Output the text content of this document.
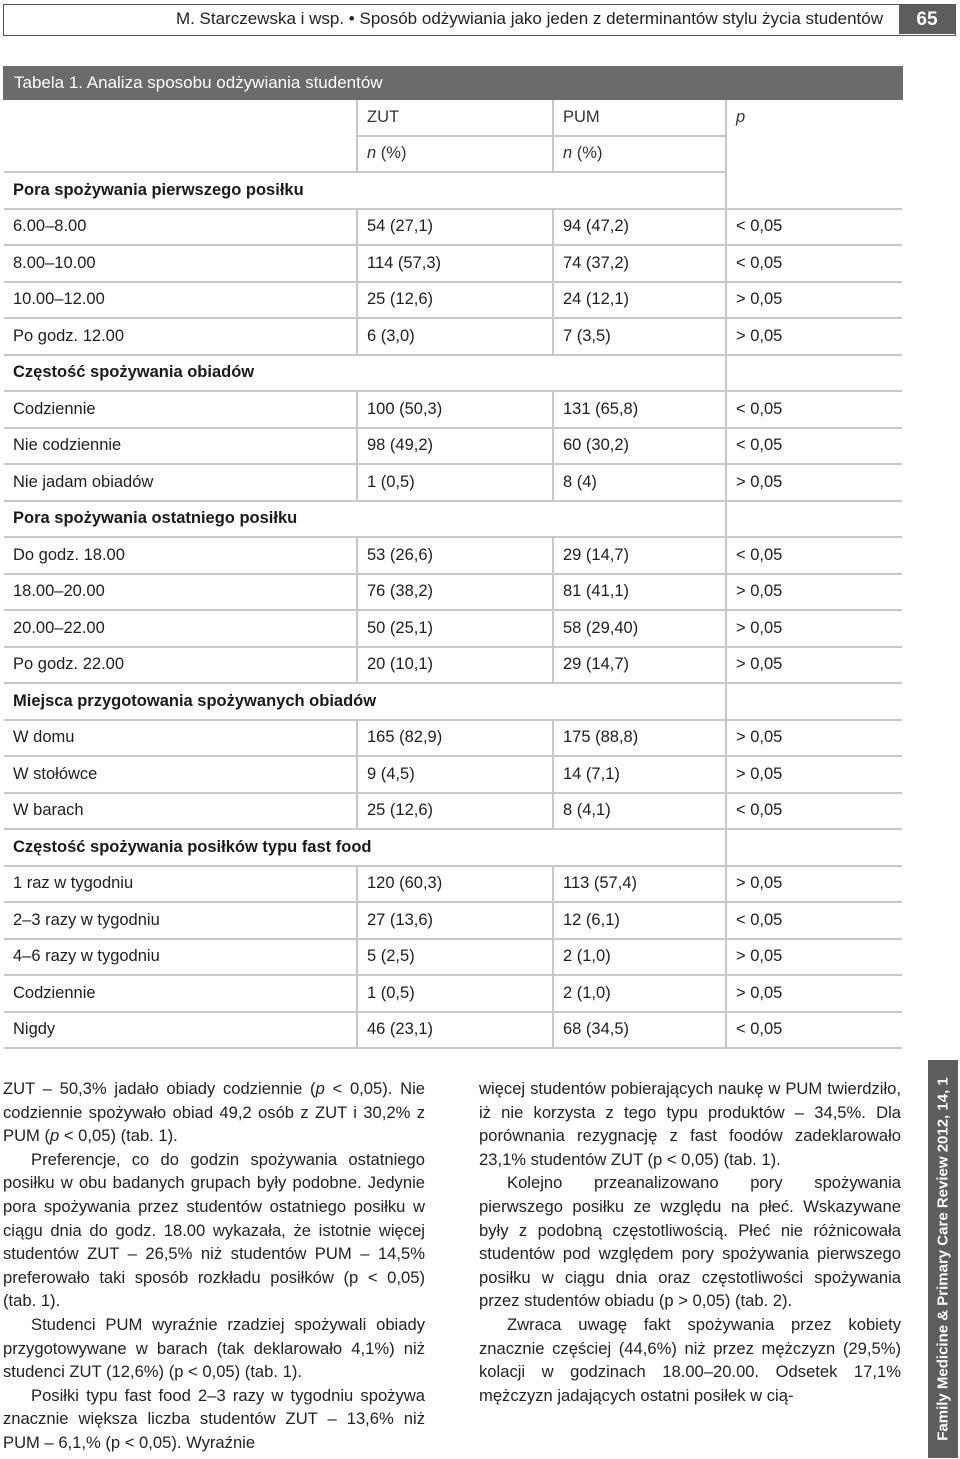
M. Starczewska i wsp. • Sposób odżywiania jako jeden z determinantów stylu życia studentów	65
Tabela 1. Analiza sposobu odżywiania studentów			
	ZUT	PUM	p
	n (%)	n (%)	
Pora spożywania pierwszego posiłku			
6.00–8.00	54 (27,1)	94 (47,2)	< 0,05
8.00–10.00	114 (57,3)	74 (37,2)	< 0,05
10.00–12.00	25 (12,6)	24 (12,1)	> 0,05
Po godz. 12.00	6 (3,0)	7 (3,5)	> 0,05
Częstość spożywania obiadów			
Codziennie	100 (50,3)	131 (65,8)	< 0,05
Nie codziennie	98 (49,2)	60 (30,2)	< 0,05
Nie jadam obiadów	1 (0,5)	8 (4)	> 0,05
Pora spożywania ostatniego posiłku			
Do godz. 18.00	53 (26,6)	29 (14,7)	< 0,05
18.00–20.00	76 (38,2)	81 (41,1)	> 0,05
20.00–22.00	50 (25,1)	58 (29,40)	> 0,05
Po godz. 22.00	20 (10,1)	29 (14,7)	> 0,05
Miejsca przygotowania spożywanych obiadów			
W domu	165 (82,9)	175 (88,8)	> 0,05
W stołówce	9 (4,5)	14 (7,1)	> 0,05
W barach	25 (12,6)	8 (4,1)	< 0,05
Częstość spożywania posiłków typu fast food			
1 raz w tygodniu	120 (60,3)	113 (57,4)	> 0,05
2–3 razy w tygodniu	27 (13,6)	12 (6,1)	< 0,05
4–6 razy w tygodniu	5 (2,5)	2 (1,0)	> 0,05
Codziennie	1 (0,5)	2 (1,0)	> 0,05
Nigdy	46 (23,1)	68 (34,5)	< 0,05

ZUT – 50,3% jadało obiady codziennie (p < 0,05). Nie codziennie spożywało obiad 49,2 osób z ZUT i 30,2% z PUM (p < 0,05) (tab. 1).

Preferencje, co do godzin spożywania ostatniego posiłku w obu badanych grupach były podobne. Jedynie pora spożywania przez studentów ostatniego posiłku w ciągu dnia do godz. 18.00 wykazała, że istotnie więcej studentów ZUT – 26,5% niż studentów PUM – 14,5% preferowało taki sposób rozkładu posiłków (p < 0,05) (tab. 1).

Studenci PUM wyraźnie rzadziej spożywali obiady przygotowywane w barach (tak deklarowało 4,1%) niż studenci ZUT (12,6%) (p < 0,05) (tab. 1).

Posiłki typu fast food 2–3 razy w tygodniu spożywa znacznie większa liczba studentów ZUT – 13,6% niż PUM – 6,1,% (p < 0,05). Wyraźnie

więcej studentów pobierających naukę w PUM twierdziło, iż nie korzysta z tego typu produktów – 34,5%. Dla porównania rezygnację z fast foodów zadeklarowało 23,1% studentów ZUT (p < 0,05) (tab. 1).

Kolejno przeanalizowano pory spożywania pierwszego posiłku ze względu na płeć. Wskazywane były z podobną częstotliwością. Płeć nie różnicowała studentów pod względem pory spożywania pierwszego posiłku w ciągu dnia oraz częstotliwości spożywania przez studentów obiadu (p > 0,05) (tab. 2).

Zwraca uwagę fakt spożywania przez kobiety znacznie częściej (44,6%) niż przez mężczyzn (29,5%) kolacji w godzinach 18.00–20.00. Odsetek 17,1% mężczyzn jadających ostatni posiłek w cią-	Family Medicine & Primary Care Review 2012, 14, 1
